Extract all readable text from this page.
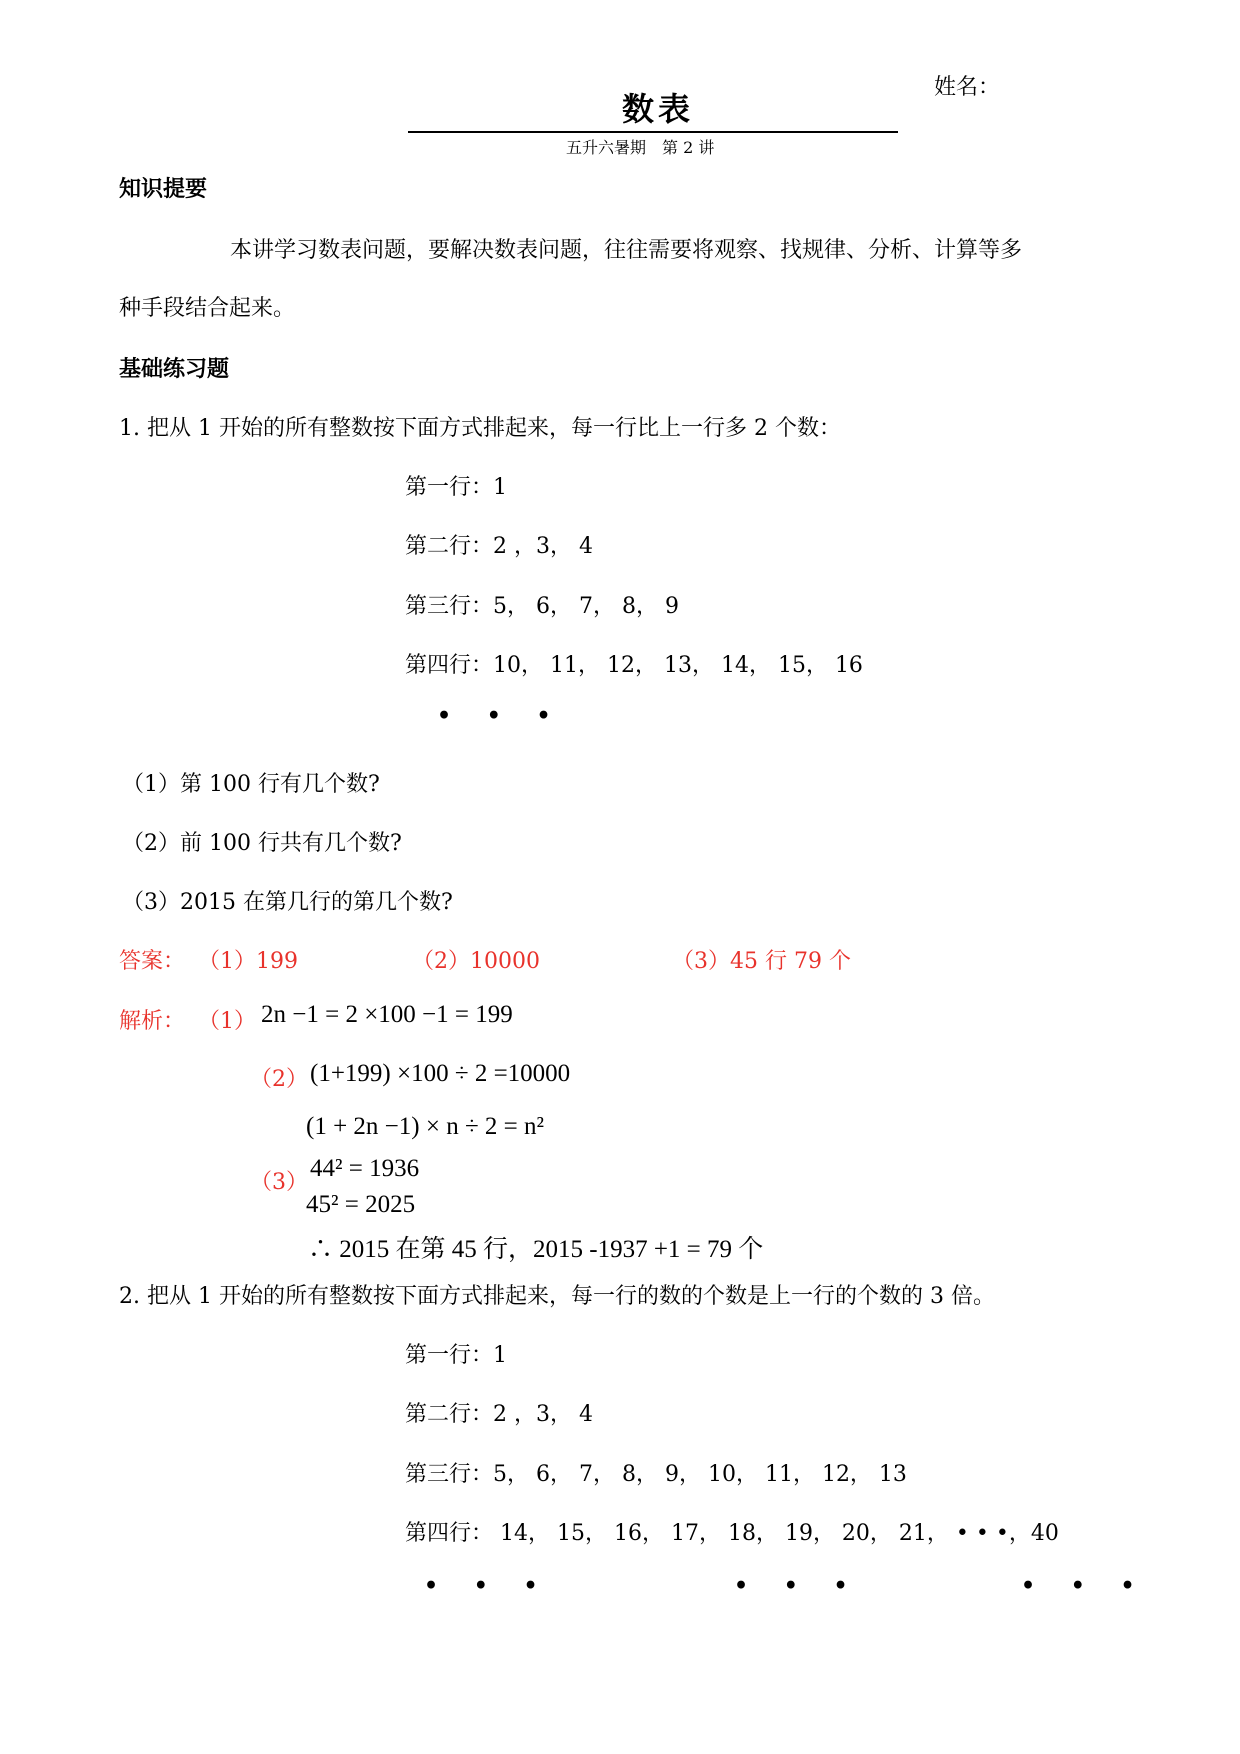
数表
姓名：
五升六暑期　第 2 讲
知识提要
本讲学习数表问题，要解决数表问题，往往需要将观察、找规律、分析、计算等多
种手段结合起来。
基础练习题
1. 把从 1 开始的所有整数按下面方式排起来，每一行比上一行多 2 个数：
第一行：1
第二行：2 ，3， 4
第三行：5， 6， 7， 8， 9
第四行：10， 11， 12， 13， 14， 15， 16
• • •
（1）第 100 行有几个数?
（2）前 100 行共有几个数?
（3）2015 在第几行的第几个数?
答案： （1）199	（2）10000	（3）45 行 79 个
解析： （1） 2n −1 = 2 ×100 −1 = 199
（2） (1+199) ×100 ÷ 2 =10000
(1 + 2n −1) × n ÷ 2 = n²
（3）
44² = 1936
45² = 2025
∴ 2015 在第 45 行，2015 -1937 +1 = 79 个
2. 把从 1 开始的所有整数按下面方式排起来，每一行的数的个数是上一行的个数的 3 倍。
第一行：1
第二行：2 ，3， 4
第三行：5， 6， 7， 8， 9， 10， 11， 12， 13
第四行： 14， 15， 16， 17， 18， 19， 20， 21， • • •，40
• • •	• • •	• • •
